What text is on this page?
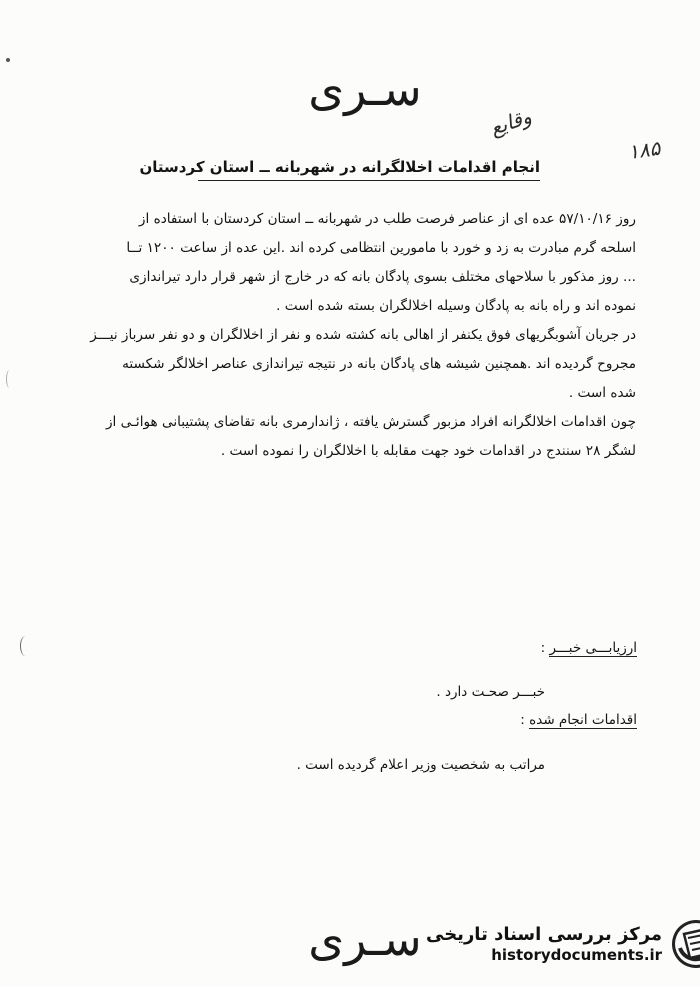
سـری
وقایع
۱۸۵
انجام اقدامات اخلالگرانه در شهربانه ــ استان کردستان
روز ۵۷/۱۰/۱۶ عده ای از عناصر فرصت طلب در شهربانه ــ استان کردستان با استفاده از
اسلحه گرم مبادرت به زد و خورد با مامورین انتظامی کرده اند .این عده از ساعت ۱۲۰۰ تــا
... روز مذکور با سلاحهای مختلف بسوی پادگان بانه که در خارج از شهر قرار دارد تیراندازی
نموده اند و راه بانه به پادگان وسیله اخلالگران بسته شده است .
در جریان آشوبگریهای فوق یکنفر از اهالی بانه کشته شده و نفر از اخلالگران و دو نفر سرباز نیـــز
مجروح گردیده اند .همچنین شیشه های پادگان بانه در نتیجه تیراندازی عناصر اخلالگر شکسته
شده است .
چون اقدامات اخلالگرانه افراد مزبور گسترش یافته ، ژاندارمری بانه تقاضای پشتیبانی هوائـی از
لشگر ۲۸ سنندج در اقدامات خود جهت مقابله با اخلالگران را نموده است .
ارزیابـــی خبـــر :
خبـــر صحـت دارد .
اقدامات انجام شده :
مراتب به شخصیت وزیر اعلام گردیده است .
سـری مرکز بررسی اسناد تاریخی
historydocuments.ir
